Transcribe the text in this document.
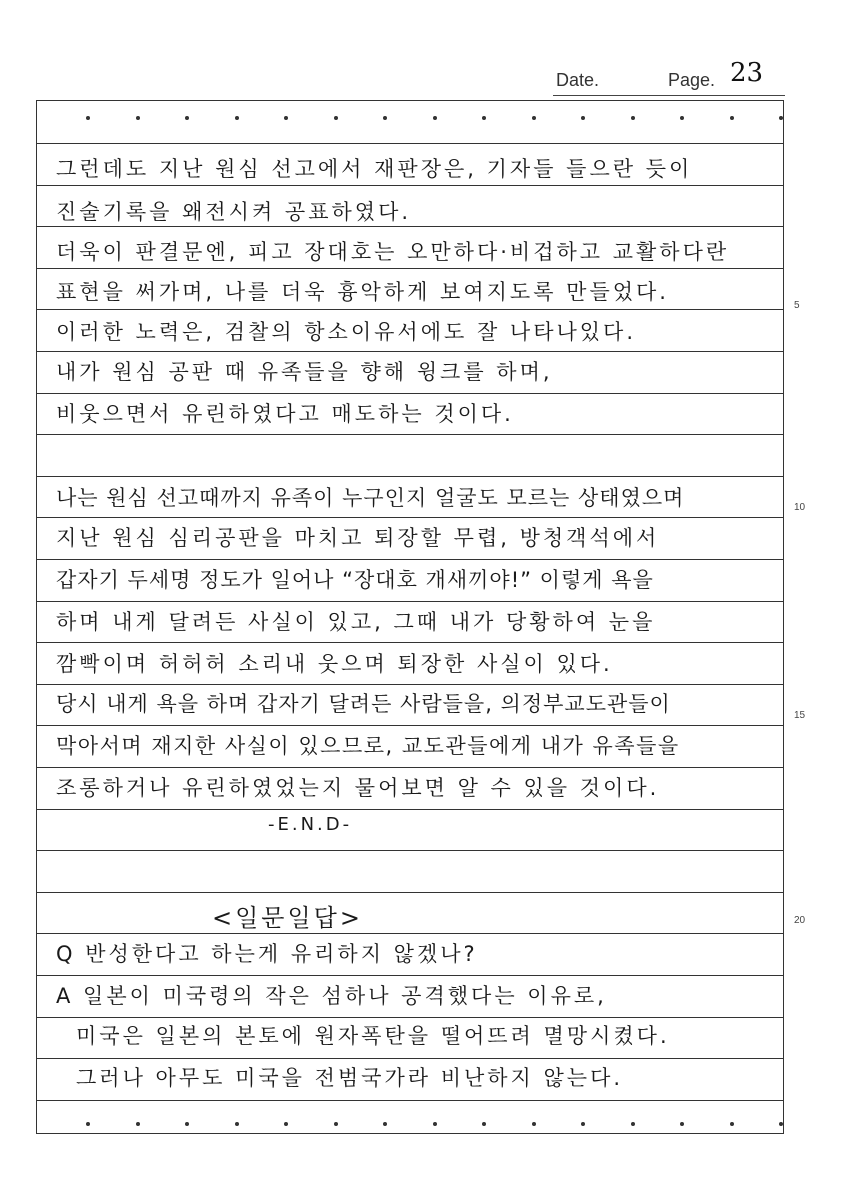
Date.	Page. 23
5
10
15
20
그런데도 지난 원심 선고에서 재판장은, 기자들 들으란 듯이
진술기록을 왜전시켜 공표하였다.
더욱이 판결문엔, 피고 장대호는 오만하다·비겁하고 교활하다란
표현을 써가며, 나를 더욱 흉악하게 보여지도록 만들었다.
이러한 노력은, 검찰의 항소이유서에도 잘 나타나있다.
내가 원심 공판 때 유족들을 향해 윙크를 하며,
비웃으면서 유린하였다고 매도하는 것이다.
나는 원심 선고때까지 유족이 누구인지 얼굴도 모르는 상태였으며
지난 원심 심리공판을 마치고 퇴장할 무렵, 방청객석에서
갑자기 두세명 정도가 일어나 “장대호 개새끼야!” 이렇게 욕을
하며 내게 달려든 사실이 있고, 그때 내가 당황하여 눈을
깜빡이며 허허허 소리내 웃으며 퇴장한 사실이 있다.
당시 내게 욕을 하며 갑자기 달려든 사람들을, 의정부교도관들이
막아서며 재지한 사실이 있으므로, 교도관들에게 내가 유족들을
조롱하거나 유린하였었는지 물어보면 알 수 있을 것이다.
-E.N.D-
<일문일답>
Q 반성한다고 하는게 유리하지 않겠나?
A 일본이 미국령의 작은 섬하나 공격했다는 이유로,
미국은 일본의 본토에 원자폭탄을 떨어뜨려 멸망시켰다.
그러나 아무도 미국을 전범국가라 비난하지 않는다.
